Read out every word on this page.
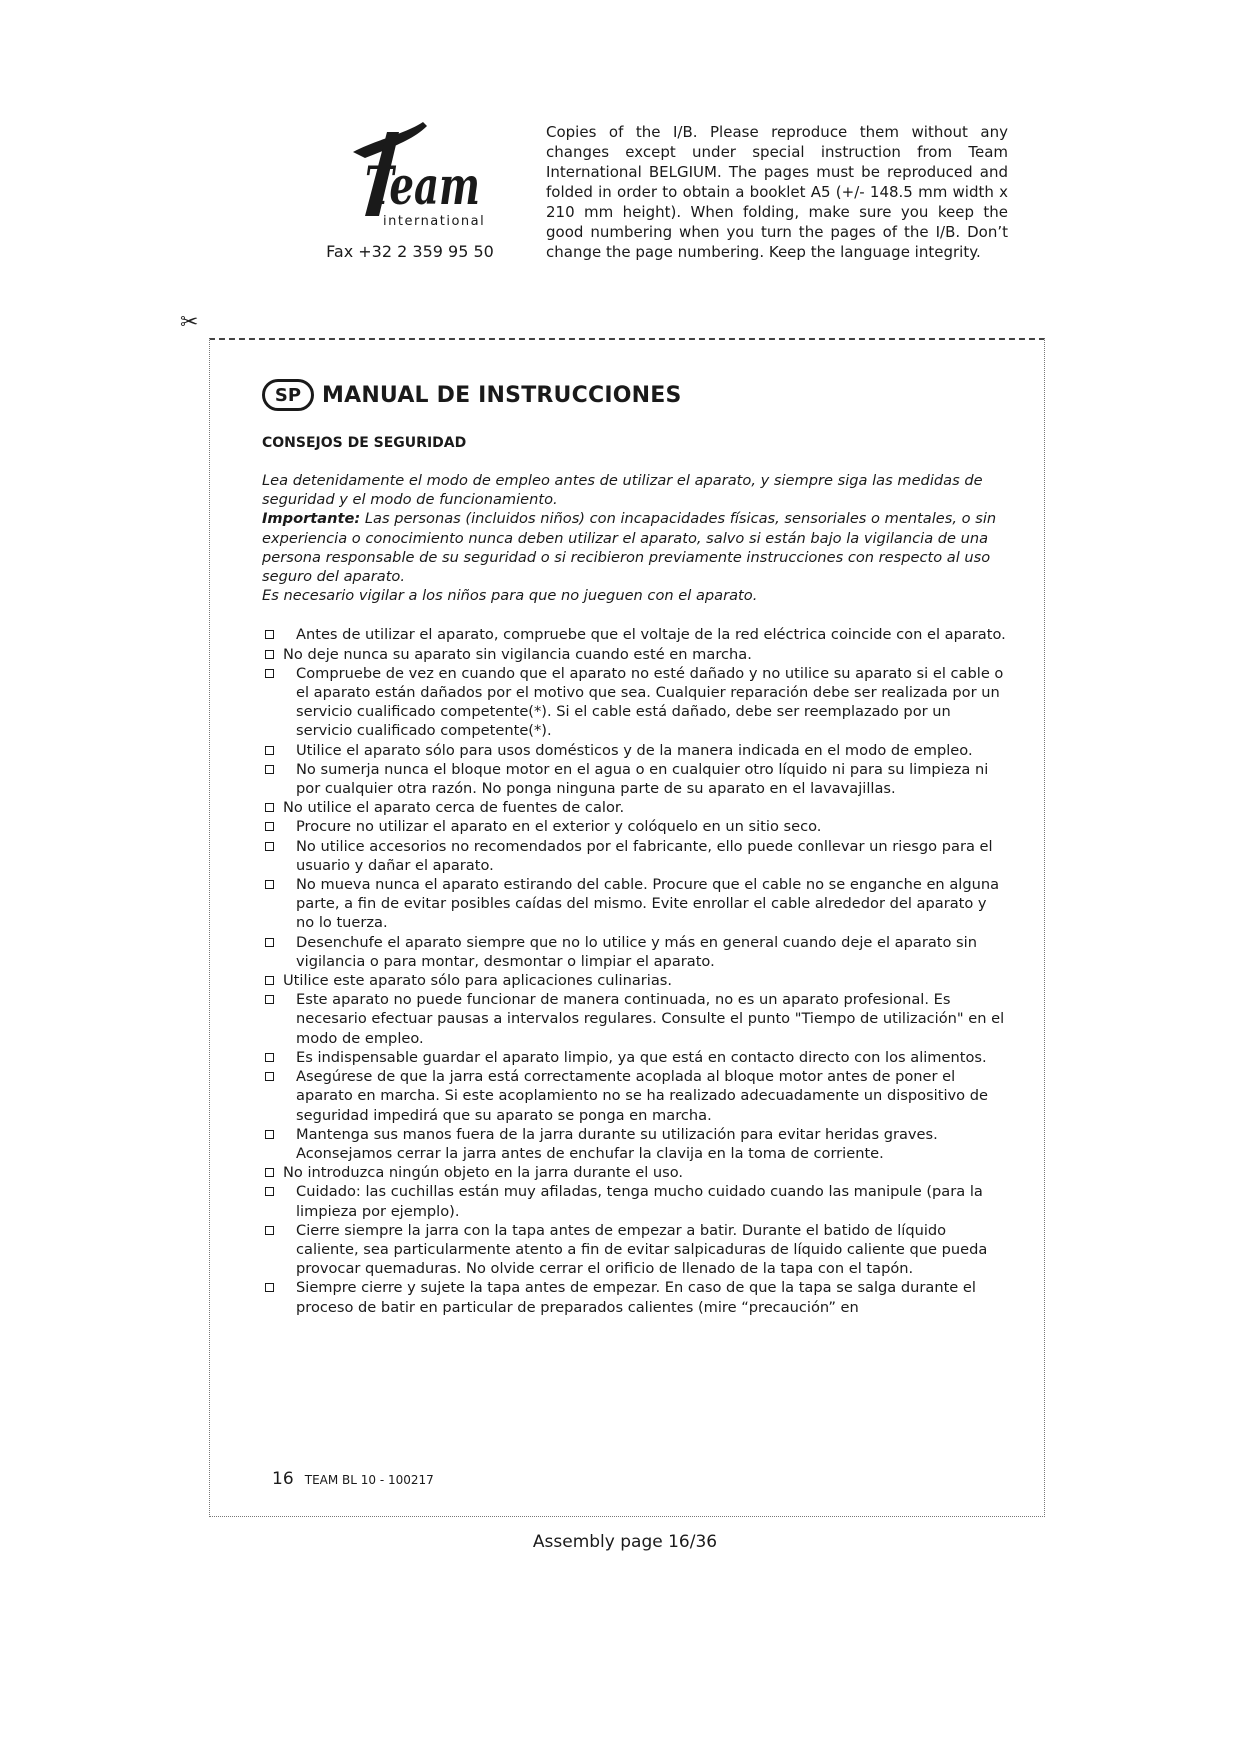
Team
international
Fax +32 2 359 95 50

Copies of the I/B. Please reproduce them without any changes except under special instruction from Team International BELGIUM. The pages must be reproduced and folded in order to obtain a booklet A5 (+/- 148.5 mm width x 210 mm height). When folding, make sure you keep the good numbering when you turn the pages of the I/B. Don’t change the page numbering. Keep the language integrity.

✂
SP MANUAL DE INSTRUCCIONES
CONSEJOS DE SEGURIDAD

Lea detenidamente el modo de empleo antes de utilizar el aparato, y siempre siga las medidas de seguridad y el modo de funcionamiento.

Importante: Las personas (incluidos niños) con incapacidades físicas, sensoriales o mentales, o sin experiencia o conocimiento nunca deben utilizar el aparato, salvo si están bajo la vigilancia de una persona responsable de su seguridad o si recibieron previamente instrucciones con respecto al uso seguro del aparato.

Es necesario vigilar a los niños para que no jueguen con el aparato.

Antes de utilizar el aparato, compruebe que el voltaje de la red eléctrica coincide con el aparato.
No deje nunca su aparato sin vigilancia cuando esté en marcha.
Compruebe de vez en cuando que el aparato no esté dañado y no utilice su aparato si el cable o el aparato están dañados por el motivo que sea. Cualquier reparación debe ser realizada por un servicio cualificado competente(*). Si el cable está dañado, debe ser reemplazado por un servicio cualificado competente(*).
Utilice el aparato sólo para usos domésticos y de la manera indicada en el modo de empleo.
No sumerja nunca el bloque motor en el agua o en cualquier otro líquido ni para su limpieza ni por cualquier otra razón. No ponga ninguna parte de su aparato en el lavavajillas.
No utilice el aparato cerca de fuentes de calor.
Procure no utilizar el aparato en el exterior y colóquelo en un sitio seco.
No utilice accesorios no recomendados por el fabricante, ello puede conllevar un riesgo para el usuario y dañar el aparato.
No mueva nunca el aparato estirando del cable. Procure que el cable no se enganche en alguna parte, a fin de evitar posibles caídas del mismo. Evite enrollar el cable alrededor del aparato y no lo tuerza.
Desenchufe el aparato siempre que no lo utilice y más en general cuando deje el aparato sin vigilancia o para montar, desmontar o limpiar el aparato.
Utilice este aparato sólo para aplicaciones culinarias.
Este aparato no puede funcionar de manera continuada, no es un aparato profesional. Es necesario efectuar pausas a intervalos regulares. Consulte el punto "Tiempo de utilización" en el modo de empleo.
Es indispensable guardar el aparato limpio, ya que está en contacto directo con los alimentos.
Asegúrese de que la jarra está correctamente acoplada al bloque motor antes de poner el aparato en marcha. Si este acoplamiento no se ha realizado adecuadamente un dispositivo de seguridad impedirá que su aparato se ponga en marcha.
Mantenga sus manos fuera de la jarra durante su utilización para evitar heridas graves. Aconsejamos cerrar la jarra antes de enchufar la clavija en la toma de corriente.
No introduzca ningún objeto en la jarra durante el uso.
Cuidado: las cuchillas están muy afiladas, tenga mucho cuidado cuando las manipule (para la limpieza por ejemplo).
Cierre siempre la jarra con la tapa antes de empezar a batir. Durante el batido de líquido caliente, sea particularmente atento a fin de evitar salpicaduras de líquido caliente que pueda provocar quemaduras. No olvide cerrar el orificio de llenado de la tapa con el tapón.
Siempre cierre y sujete la tapa antes de empezar. En caso de que la tapa se salga durante el proceso de batir en particular de preparados calientes (mire “precaución” en
16 TEAM BL 10 - 100217
Assembly page 16/36
